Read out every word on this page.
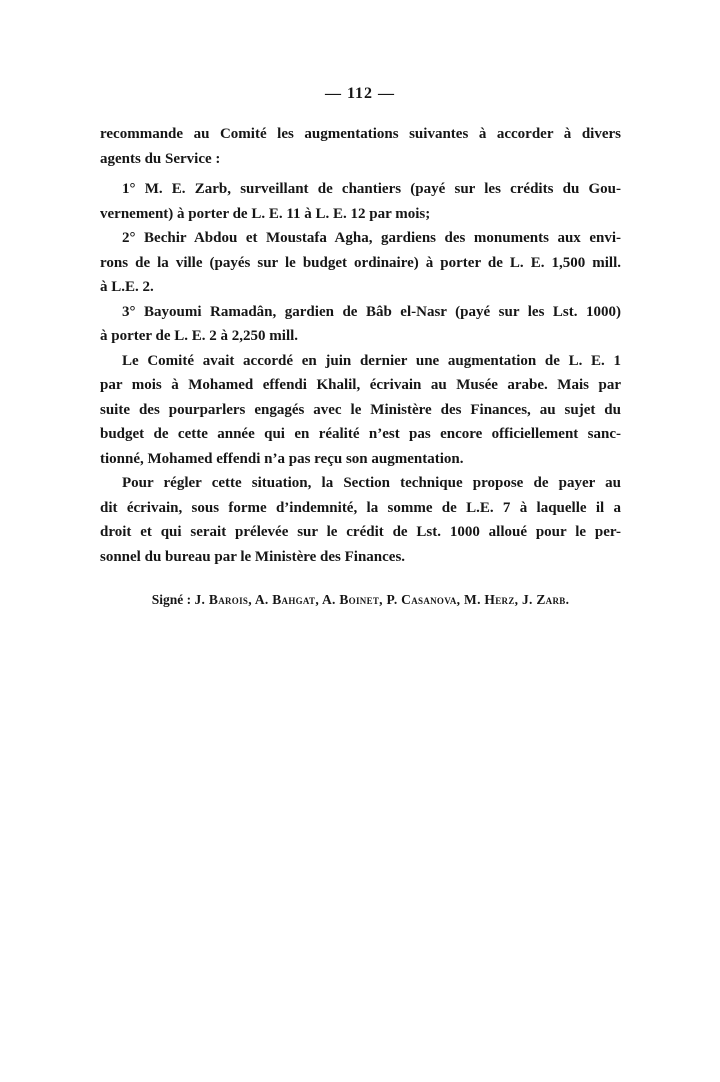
— 112 —

recommande au Comité les augmentations suivantes à accorder à divers
agents du Service :

1° M. E. Zarb, surveillant de chantiers (payé sur les crédits du Gou-
vernement) à porter de L. E. 11 à L. E. 12 par mois;

2° Bechir Abdou et Moustafa Agha, gardiens des monuments aux envi-
rons de la ville (payés sur le budget ordinaire) à porter de L. E. 1,500 mill.
à L.E. 2.

3° Bayoumi Ramadân, gardien de Bâb el-Nasr (payé sur les Lst. 1000)
à porter de L. E. 2 à 2,250 mill.

Le Comité avait accordé en juin dernier une augmentation de L. E. 1
par mois à Mohamed effendi Khalil, écrivain au Musée arabe. Mais par
suite des pourparlers engagés avec le Ministère des Finances, au sujet du
budget de cette année qui en réalité n’est pas encore officiellement sanc-
tionné, Mohamed effendi n’a pas reçu son augmentation.

Pour régler cette situation, la Section technique propose de payer au
dit écrivain, sous forme d’indemnité, la somme de L.E. 7 à laquelle il a
droit et qui serait prélevée sur le crédit de Lst. 1000 alloué pour le per-
sonnel du bureau par le Ministère des Finances.

Signé : J. Barois, A. Bahgat, A. Boinet, P. Casanova, M. Herz, J. Zarb.
